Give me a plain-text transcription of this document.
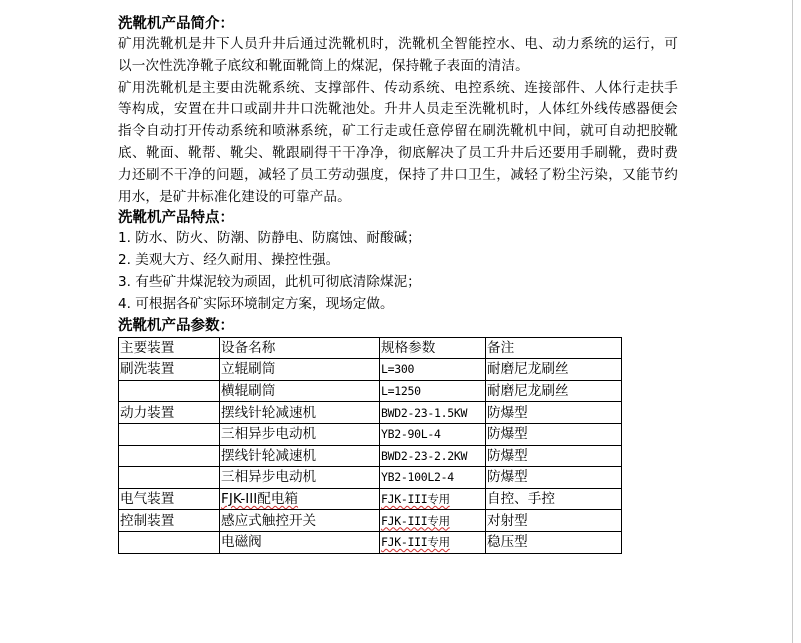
洗靴机产品简介：

矿用洗靴机是井下人员升井后通过洗靴机时，洗靴机全智能控水、电、动力系统的运行，可以一次性洗净靴子底纹和靴面靴筒上的煤泥，保持靴子表面的清洁。

矿用洗靴机是主要由洗靴系统、支撑部件、传动系统、电控系统、连接部件、人体行走扶手等构成，安置在井口或副井井口洗靴池处。升井人员走至洗靴机时，人体红外线传感器便会指令自动打开传动系统和喷淋系统，矿工行走或任意停留在刷洗靴机中间，就可自动把胶靴底、靴面、靴帮、靴尖、靴跟刷得干干净净，彻底解决了员工升井后还要用手刷靴，费时费力还刷不干净的问题，减轻了员工劳动强度，保持了井口卫生，减轻了粉尘污染，又能节约用水，是矿井标准化建设的可靠产品。

洗靴机产品特点：
1. 防水、防火、防潮、防静电、防腐蚀、耐酸碱；
2. 美观大方、经久耐用、操控性强。
3. 有些矿井煤泥较为顽固，此机可彻底清除煤泥；
4. 可根据各矿实际环境制定方案，现场定做。
洗靴机产品参数：
主要装置	设备名称	规格参数	备注
刷洗装置	立辊刷筒	L=300	耐磨尼龙刷丝
	横辊刷筒	L=1250	耐磨尼龙刷丝
动力装置	摆线针轮减速机	BWD2-23-1.5KW	防爆型
	三相异步电动机	YB2-90L-4	防爆型
	摆线针轮减速机	BWD2-23-2.2KW	防爆型
	三相异步电动机	YB2-100L2-4	防爆型
电气装置	FJK-III配电箱	FJK-III专用	自控、手控
控制装置	感应式触控开关	FJK-III专用	对射型
	电磁阀	FJK-III专用	稳压型
